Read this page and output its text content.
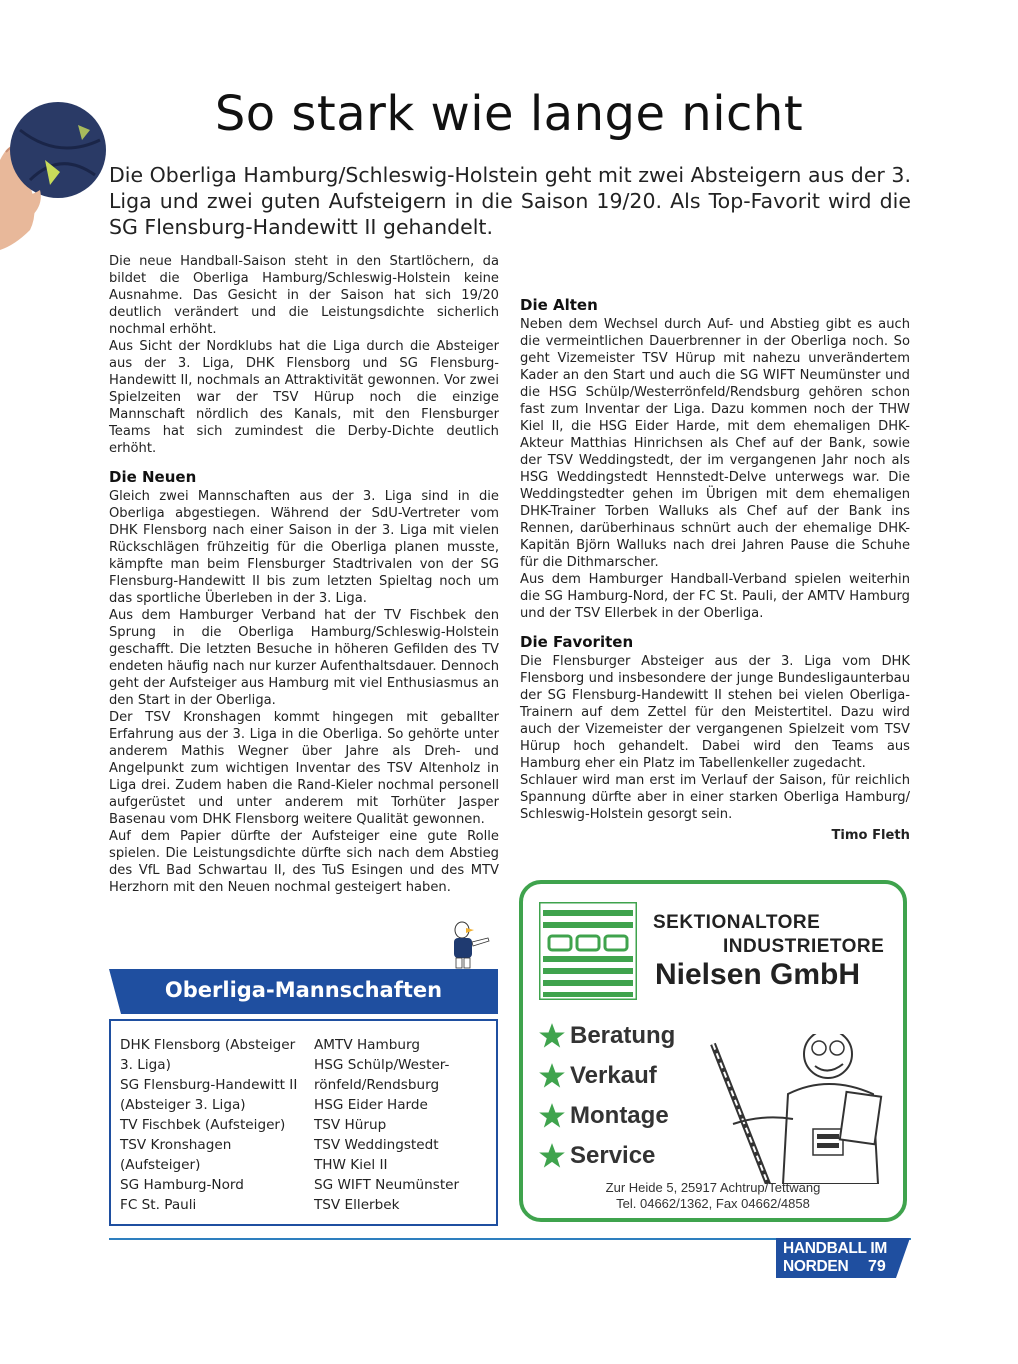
So stark wie lange nicht

Die Oberliga Hamburg/Schleswig-Holstein geht mit zwei Absteigern aus der 3. Liga und zwei guten Aufsteigern in die Saison 19/20. Als Top-Favorit wird die SG Flensburg-Handewitt II gehandelt.

Die neue Handball-Saison steht in den Startlöchern, da bildet die Oberliga Hamburg/Schleswig-Holstein keine Ausnahme. Das Gesicht in der Saison hat sich 19/20 deutlich verändert und die Leistungsdichte sicherlich nochmal erhöht.

Aus Sicht der Nordklubs hat die Liga durch die Absteiger aus der 3. Liga, DHK Flensborg und SG Flensburg-Handewitt II, nochmals an Attraktivität gewonnen. Vor zwei Spielzeiten war der TSV Hürup noch die einzige Mannschaft nördlich des Kanals, mit den Flensburger Teams hat sich zumindest die Derby-Dichte deutlich erhöht.

Die Neuen

Gleich zwei Mannschaften aus der 3. Liga sind in die Oberliga abgestiegen. Während der SdU-Vertreter vom DHK Flensborg nach einer Saison in der 3. Liga mit vielen Rückschlägen frühzeitig für die Oberliga planen musste, kämpfte man beim Flensburger Stadtrivalen von der SG Flensburg-Handewitt II bis zum letzten Spieltag noch um das sportliche Überleben in der 3. Liga.

Aus dem Hamburger Verband hat der TV Fischbek den Sprung in die Oberliga Hamburg/Schleswig-Holstein geschafft. Die letzten Besuche in höheren Gefilden des TV endeten häufig nach nur kurzer Aufenthaltsdauer. Dennoch geht der Aufsteiger aus Hamburg mit viel Enthusiasmus an den Start in der Oberliga.

Der TSV Kronshagen kommt hingegen mit geballter Erfahrung aus der 3. Liga in die Oberliga. So gehörte unter anderem Mathis Wegner über Jahre als Dreh- und Angelpunkt zum wichtigen Inventar des TSV Altenholz in Liga drei. Zudem haben die Rand-Kieler nochmal personell aufgerüstet und unter anderem mit Torhüter Jasper Basenau vom DHK Flensborg weitere Qualität gewonnen.

Auf dem Papier dürfte der Aufsteiger eine gute Rolle spielen. Die Leistungsdichte dürfte sich nach dem Abstieg des VfL Bad Schwartau II, des TuS Esingen und des MTV Herzhorn mit den Neuen nochmal gesteigert haben.

Die Alten

Neben dem Wechsel durch Auf- und Abstieg gibt es auch die vermeintlichen Dauerbrenner in der Oberliga noch. So geht Vizemeister TSV Hürup mit nahezu unverändertem Kader an den Start und auch die SG WIFT Neumünster und die HSG Schülp/Westerrönfeld/Rendsburg gehören schon fast zum Inventar der Liga. Dazu kommen noch der THW Kiel II, die HSG Eider Harde, mit dem ehemaligen DHK-Akteur Matthias Hinrichsen als Chef auf der Bank, sowie der TSV Weddingstedt, der im vergangenen Jahr noch als HSG Weddingstedt Hennstedt-Delve unterwegs war. Die Weddingstedter gehen im Übrigen mit dem ehemaligen DHK-Trainer Torben Walluks als Chef auf der Bank ins Rennen, darüberhinaus schnürt auch der ehemalige DHK-Kapitän Björn Walluks nach drei Jahren Pause die Schuhe für die Dithmarscher.

Aus dem Hamburger Handball-Verband spielen weiterhin die SG Hamburg-Nord, der FC St. Pauli, der AMTV Hamburg und der TSV Ellerbek in der Oberliga.

Die Favoriten

Die Flensburger Absteiger aus der 3. Liga vom DHK Flensborg und insbesondere der junge Bundesligaunterbau der SG Flensburg-Handewitt II stehen bei vielen Oberliga-Trainern auf dem Zettel für den Meistertitel. Dazu wird auch der Vizemeister der vergangenen Spielzeit vom TSV Hürup hoch gehandelt. Dabei wird den Teams aus Hamburg eher ein Platz im Tabellenkeller zugedacht.

Schlauer wird man erst im Verlauf der Saison, für reichlich Spannung dürfte aber in einer starken Oberliga Hamburg/ Schleswig-Holstein gesorgt sein.

Timo Fleth

Oberliga-Mannschaften
DHK Flensborg (Absteiger
3. Liga)
SG Flensburg-Handewitt II
(Absteiger 3. Liga)
TV Fischbek (Aufsteiger)
TSV Kronshagen
(Aufsteiger)
SG Hamburg-Nord
FC St. Pauli
AMTV Hamburg
HSG Schülp/Wester-
rönfeld/Rendsburg
HSG Eider Harde
TSV Hürup
TSV Weddingstedt
THW Kiel II
SG WIFT Neumünster
TSV Ellerbek
SEKTIONALTORE
INDUSTRIETORE
Nielsen GmbH
Beratung
Verkauf
Montage
Service
Zur Heide 5, 25917 Achtrup/Tettwang
Tel. 04662/1362, Fax 04662/4858
HANDBALL IM
NORDEN 79
